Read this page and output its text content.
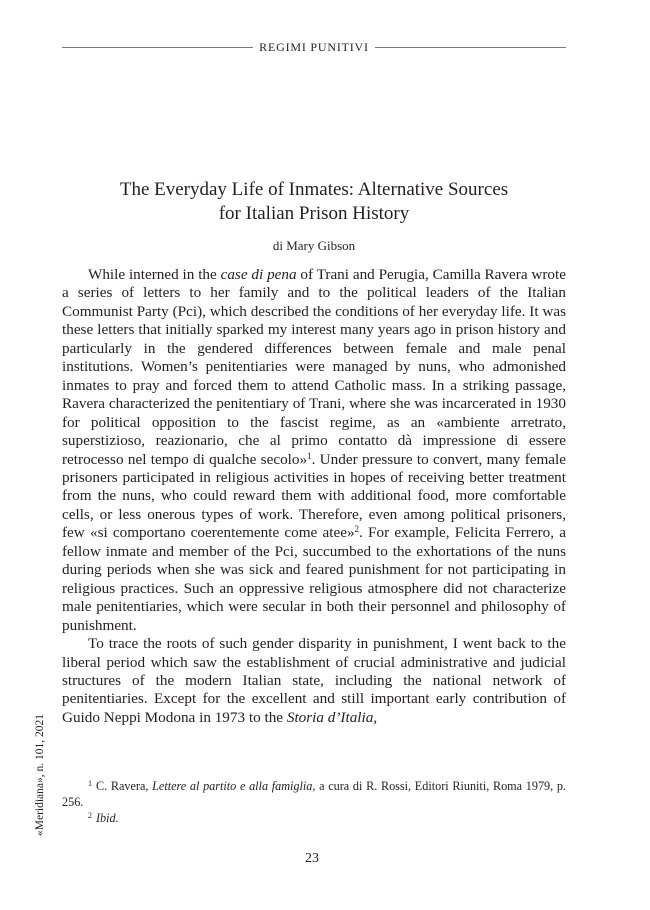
REGIMI PUNITIVI
The Everyday Life of Inmates: Alternative Sources
for Italian Prison History
di Mary Gibson

While interned in the case di pena of Trani and Perugia, Camilla Ravera wrote a series of letters to her family and to the political leaders of the Italian Communist Party (Pci), which described the conditions of her everyday life. It was these letters that initially sparked my interest many years ago in prison history and particularly in the gendered differences between female and male penal institutions. Women’s penitentiaries were managed by nuns, who admonished inmates to pray and forced them to attend Catholic mass. In a striking passage, Ravera characterized the penitentiary of Trani, where she was incarcerated in 1930 for political opposition to the fascist regime, as an «ambiente arretrato, superstizioso, reazionario, che al primo contatto dà impressione di essere retrocesso nel tempo di qualche secolo»$^1$. Under pressure to convert, many female prisoners participated in religious activities in hopes of receiving better treatment from the nuns, who could reward them with additional food, more comfortable cells, or less onerous types of work. Therefore, even among political prisoners, few «si comportano coerentemente come atee»$^2$. For example, Felicita Ferrero, a fellow inmate and member of the Pci, succumbed to the exhortations of the nuns during periods when she was sick and feared punishment for not participating in religious practices. Such an oppressive religious atmosphere did not characterize male penitentiaries, which were secular in both their personnel and philosophy of punishment.

To trace the roots of such gender disparity in punishment, I went back to the liberal period which saw the establishment of crucial administrative and judicial structures of the modern Italian state, including the national network of penitentiaries. Except for the excellent and still important early contribution of Guido Neppi Modona in 1973 to the Storia d’Italia,

$^1$ C. Ravera, Lettere al partito e alla famiglia, a cura di R. Rossi, Editori Riuniti, Roma 1979, p. 256.
$^2$ Ibid.
«Meridiana», n. 101, 2021
23
